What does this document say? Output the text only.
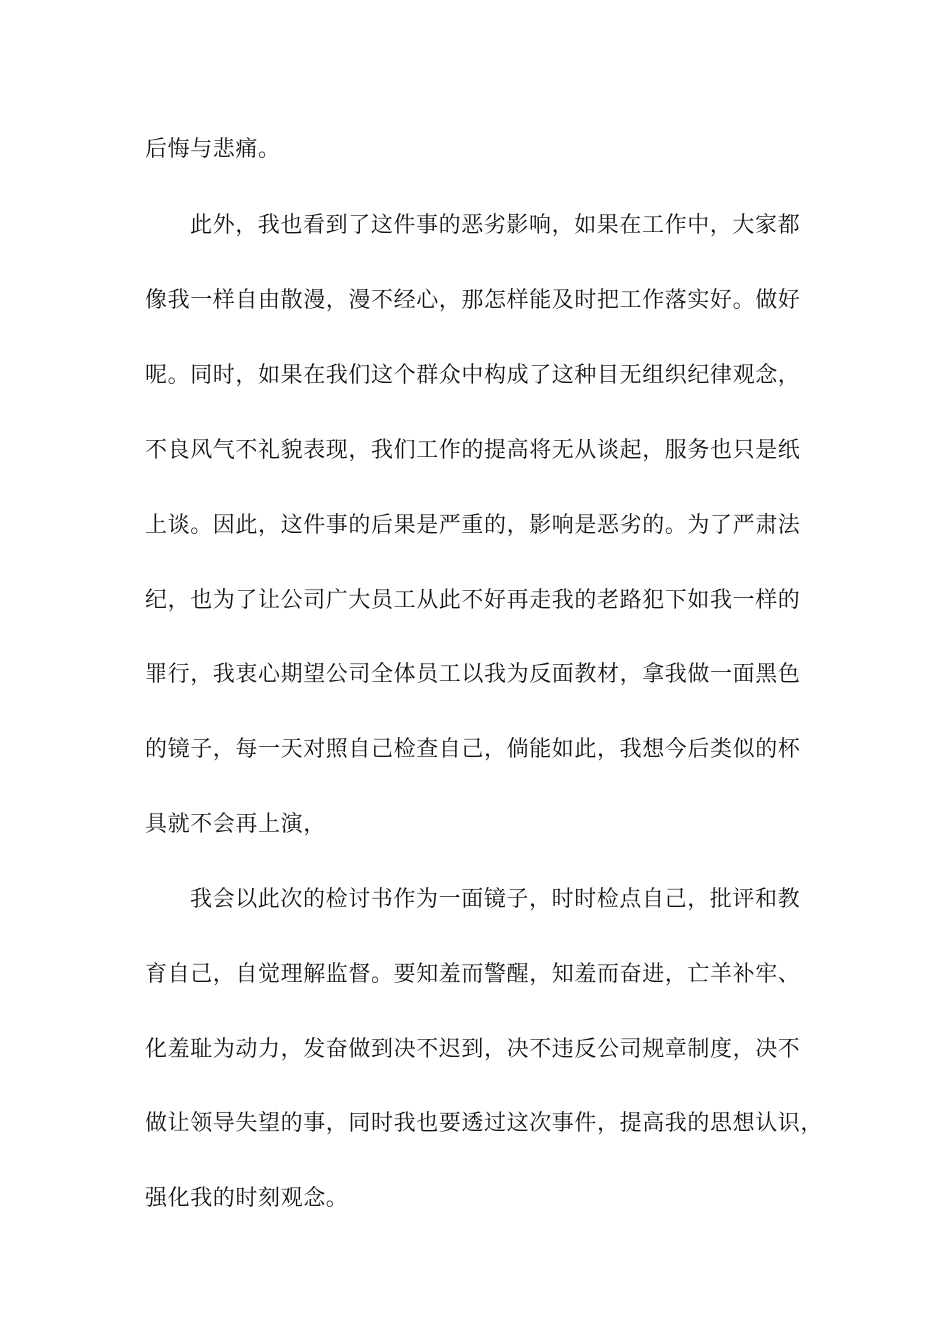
后悔与悲痛。
此外，我也看到了这件事的恶劣影响，如果在工作中，大家都
像我一样自由散漫，漫不经心，那怎样能及时把工作落实好。做好
呢。同时，如果在我们这个群众中构成了这种目无组织纪律观念，
不良风气不礼貌表现，我们工作的提高将无从谈起，服务也只是纸
上谈。因此，这件事的后果是严重的，影响是恶劣的。为了严肃法
纪，也为了让公司广大员工从此不好再走我的老路犯下如我一样的
罪行，我衷心期望公司全体员工以我为反面教材，拿我做一面黑色
的镜子，每一天对照自己检查自己，倘能如此，我想今后类似的杯
具就不会再上演，
我会以此次的检讨书作为一面镜子，时时检点自己，批评和教
育自己，自觉理解监督。要知羞而警醒，知羞而奋进，亡羊补牢、
化羞耻为动力，发奋做到决不迟到，决不违反公司规章制度，决不
做让领导失望的事，同时我也要透过这次事件，提高我的思想认识，
强化我的时刻观念。
